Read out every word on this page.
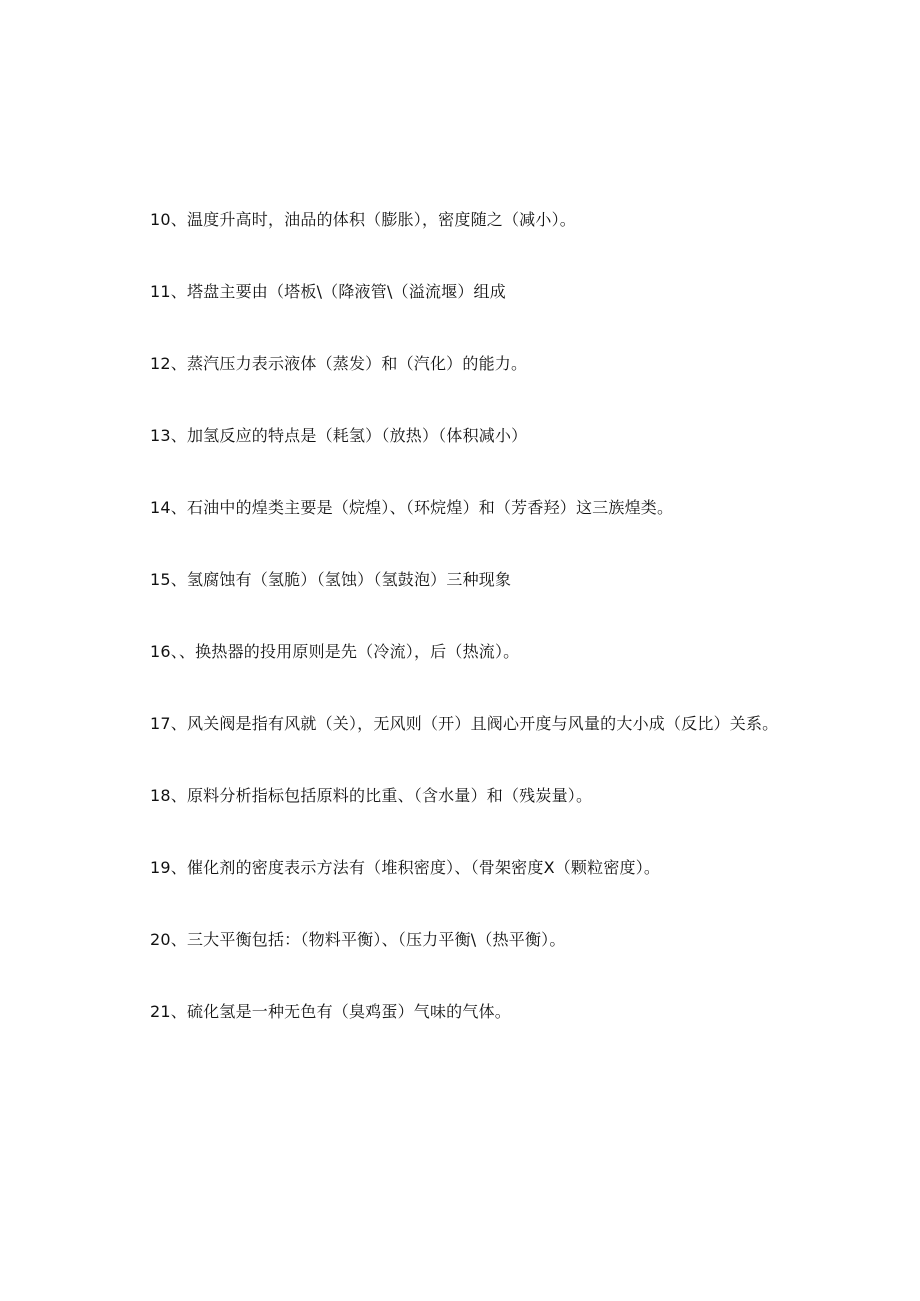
10、温度升高时，油品的体积（膨胀），密度随之（减小）。
11、塔盘主要由（塔板\（降液管\（溢流堰）组成
12、蒸汽压力表示液体（蒸发）和（汽化）的能力。
13、加氢反应的特点是（耗氢）（放热）（体积减小）
14、石油中的煌类主要是（烷煌）、（环烷煌）和（芳香羟）这三族煌类。
15、氢腐蚀有（氢脆）（氢蚀）（氢鼓泡）三种现象
16、、换热器的投用原则是先（冷流），后（热流）。
17、风关阀是指有风就（关），无风则（开）且阀心开度与风量的大小成（反比）关系。
18、原料分析指标包括原料的比重、（含水量）和（残炭量）。
19、催化剂的密度表示方法有（堆积密度）、（骨架密度X（颗粒密度）。
20、三大平衡包括：（物料平衡）、（压力平衡\（热平衡）。
21、硫化氢是一种无色有（臭鸡蛋）气味的气体。
